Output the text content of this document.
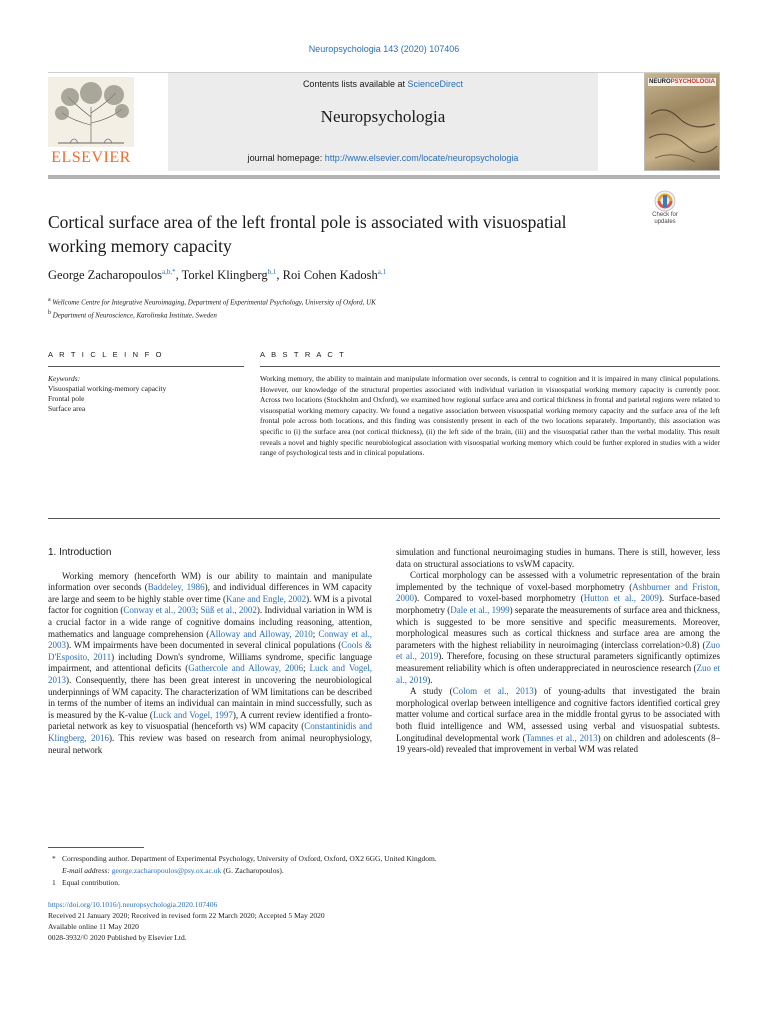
Neuropsychologia 143 (2020) 107406
ELSEVIER
Contents lists available at ScienceDirect
Neuropsychologia
journal homepage: http://www.elsevier.com/locate/neuropsychologia
NEUROPSYCHOLOGIA
Cortical surface area of the left frontal pole is associated with visuospatial working memory capacity
Check for updates
George Zacharopoulos$^{a,b,*}$, Torkel Klingberg$^{b,1}$, Roi Cohen Kadosh$^{a,1}$
$^a$ Wellcome Centre for Integrative Neuroimaging, Department of Experimental Psychology, University of Oxford, UK
$^b$ Department of Neuroscience, Karolinska Institute, Sweden
A R T I C L E I N F O	A B S T R A C T
Keywords:
Visuospatial working-memory capacity
Frontal pole
Surface area
Working memory, the ability to maintain and manipulate information over seconds, is central to cognition and it is impaired in many clinical populations. However, our knowledge of the structural properties associated with individual variation in visuospatial working memory capacity is currently poor. Across two locations (Stockholm and Oxford), we examined how regional surface area and cortical thickness in frontal and parietal regions were related to visuospatial working memory capacity. We found a negative association between visuospatial working memory capacity and the surface area of the left frontal pole across both locations, and this finding was consistently present in each of the two locations separately. Importantly, this association was specific to (i) the surface area (not cortical thickness), (ii) the left side of the brain, (iii) and the visuospatial rather than the verbal modality. This result reveals a novel and highly specific neurobiological association with visuospatial working memory which could be further explored in studies with a wider range of psychological tests and in clinical populations.
1. Introduction

Working memory (henceforth WM) is our ability to maintain and manipulate information over seconds (Baddeley, 1986), and individual differences in WM capacity are large and seem to be highly stable over time (Kane and Engle, 2002). WM is a pivotal factor for cognition (Conway et al., 2003; Süß et al., 2002). Individual variation in WM is a crucial factor in a wide range of cognitive domains including reasoning, attention, mathematics and language comprehension (Alloway and Alloway, 2010; Conway et al., 2003). WM impairments have been documented in several clinical populations (Cools & D'Esposito, 2011) including Down's syndrome, Williams syndrome, specific language impairment, and attentional deficits (Gathercole and Alloway, 2006; Luck and Vogel, 2013). Consequently, there has been great interest in uncovering the neurobiological underpinnings of WM capacity. The characterization of WM limitations can be described in terms of the number of items an individual can maintain in mind successfully, such as is measured by the K-value (Luck and Vogel, 1997), A current review identified a fronto-parietal network as key to visuospatial (henceforth vs) WM capacity (Constantinidis and Klingberg, 2016). This review was based on research from animal neurophysiology, neural network

simulation and functional neuroimaging studies in humans. There is still, however, less data on structural associations to vsWM capacity.

Cortical morphology can be assessed with a volumetric representation of the brain implemented by the technique of voxel-based morphometry (Ashburner and Friston, 2000). Compared to voxel-based morphometry (Hutton et al., 2009). Surface-based morphometry (Dale et al., 1999) separate the measurements of surface area and thickness, which is suggested to be more sensitive and specific measurements. Moreover, morphological measures such as cortical thickness and surface area are among the parameters with the highest reliability in neuroimaging (interclass correlation>0.8) (Zuo et al., 2019). Therefore, focusing on these structural parameters significantly optimizes measurement reliability which is often underappreciated in neuroscience research (Zuo et al., 2019).

A study (Colom et al., 2013) of young-adults that investigated the brain morphological overlap between intelligence and cognitive factors identified cortical grey matter volume and cortical surface area in the middle frontal gyrus to be associated with both fluid intelligence and WM, assessed using verbal and visuospatial subtests. Longitudinal developmental work (Tamnes et al., 2013) on children and adolescents (8–19 years-old) revealed that improvement in verbal WM was related

* Corresponding author. Department of Experimental Psychology, University of Oxford, Oxford, OX2 6GG, United Kingdom.
E-mail address: george.zacharopoulos@psy.ox.ac.uk (G. Zacharopoulos).
1 Equal contribution.
https://doi.org/10.1016/j.neuropsychologia.2020.107406
Received 21 January 2020; Received in revised form 22 March 2020; Accepted 5 May 2020
Available online 11 May 2020
0028-3932/© 2020 Published by Elsevier Ltd.
